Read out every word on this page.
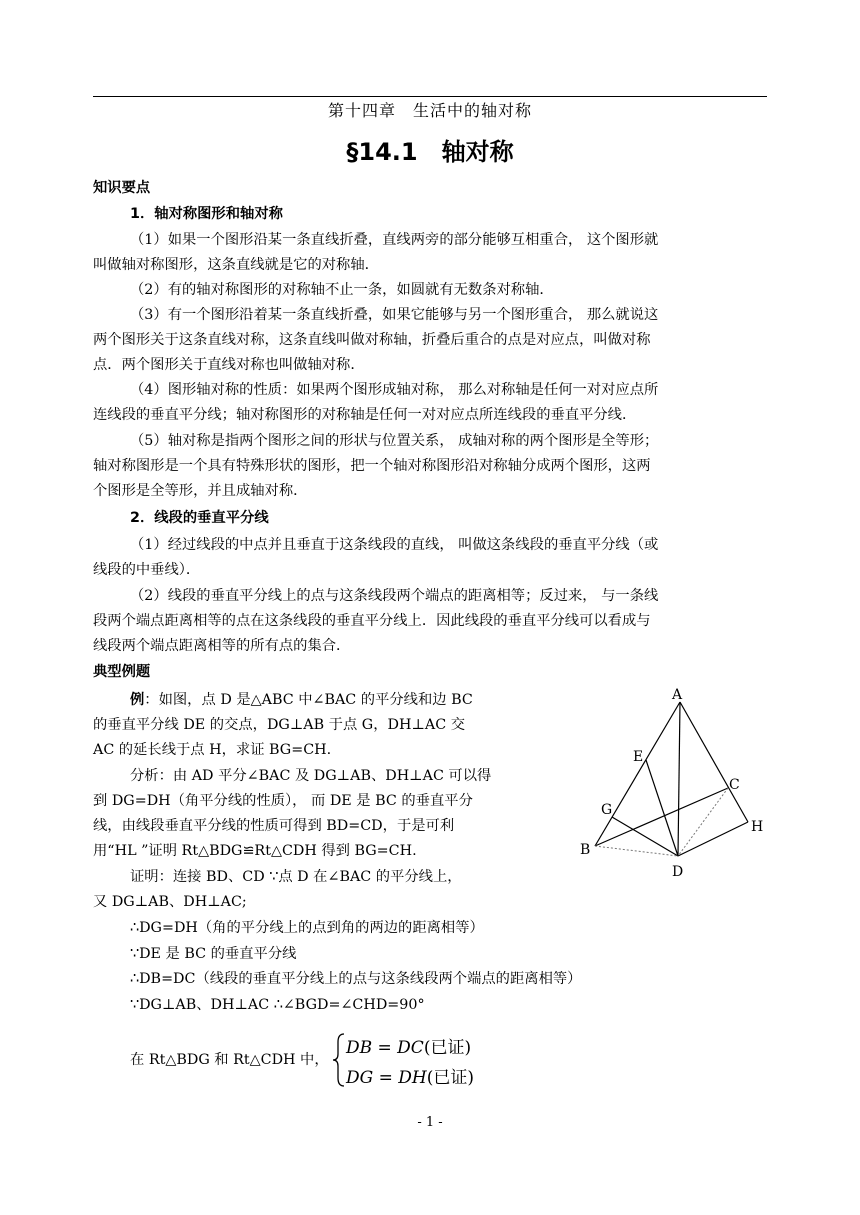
第十四章　生活中的轴对称
§14.1　轴对称
知识要点
1．轴对称图形和轴对称
（1）如果一个图形沿某一条直线折叠，直线两旁的部分能够互相重合， 这个图形就
叫做轴对称图形，这条直线就是它的对称轴．
（2）有的轴对称图形的对称轴不止一条，如圆就有无数条对称轴．
（3）有一个图形沿着某一条直线折叠，如果它能够与另一个图形重合， 那么就说这
两个图形关于这条直线对称，这条直线叫做对称轴，折叠后重合的点是对应点，叫做对称
点．两个图形关于直线对称也叫做轴对称．
（4）图形轴对称的性质：如果两个图形成轴对称， 那么对称轴是任何一对对应点所
连线段的垂直平分线；轴对称图形的对称轴是任何一对对应点所连线段的垂直平分线．
（5）轴对称是指两个图形之间的形状与位置关系， 成轴对称的两个图形是全等形；
轴对称图形是一个具有特殊形状的图形，把一个轴对称图形沿对称轴分成两个图形，这两
个图形是全等形，并且成轴对称．
2．线段的垂直平分线
（1）经过线段的中点并且垂直于这条线段的直线， 叫做这条线段的垂直平分线（或
线段的中垂线）．
（2）线段的垂直平分线上的点与这条线段两个端点的距离相等；反过来， 与一条线
段两个端点距离相等的点在这条线段的垂直平分线上．因此线段的垂直平分线可以看成与
线段两个端点距离相等的所有点的集合．
典型例题
例：如图，点 D 是△ABC 中∠BAC 的平分线和边 BC
的垂直平分线 DE 的交点，DG⊥AB 于点 G，DH⊥AC 交
AC 的延长线于点 H，求证 BG=CH.
分析：由 AD 平分∠BAC 及 DG⊥AB、DH⊥AC 可以得
到 DG=DH（角平分线的性质）， 而 DE 是 BC 的垂直平分
线，由线段垂直平分线的性质可得到 BD=CD，于是可利
用“HL ”证明 Rt△BDG≌Rt△CDH 得到 BG=CH.
证明：连接 BD、CD ∵点 D 在∠BAC 的平分线上，
又 DG⊥AB、DH⊥AC;
∴DG=DH（角的平分线上的点到角的两边的距离相等）
∵DE 是 BC 的垂直平分线
∴DB=DC（线段的垂直平分线上的点与这条线段两个端点的距离相等）
∵DG⊥AB、DH⊥AC ∴∠BGD=∠CHD=90°
在 Rt△BDG 和 Rt△CDH 中，
DB = DC(已证)
DG = DH(已证)
A
B
C
D
E
G
H
- 1 -
